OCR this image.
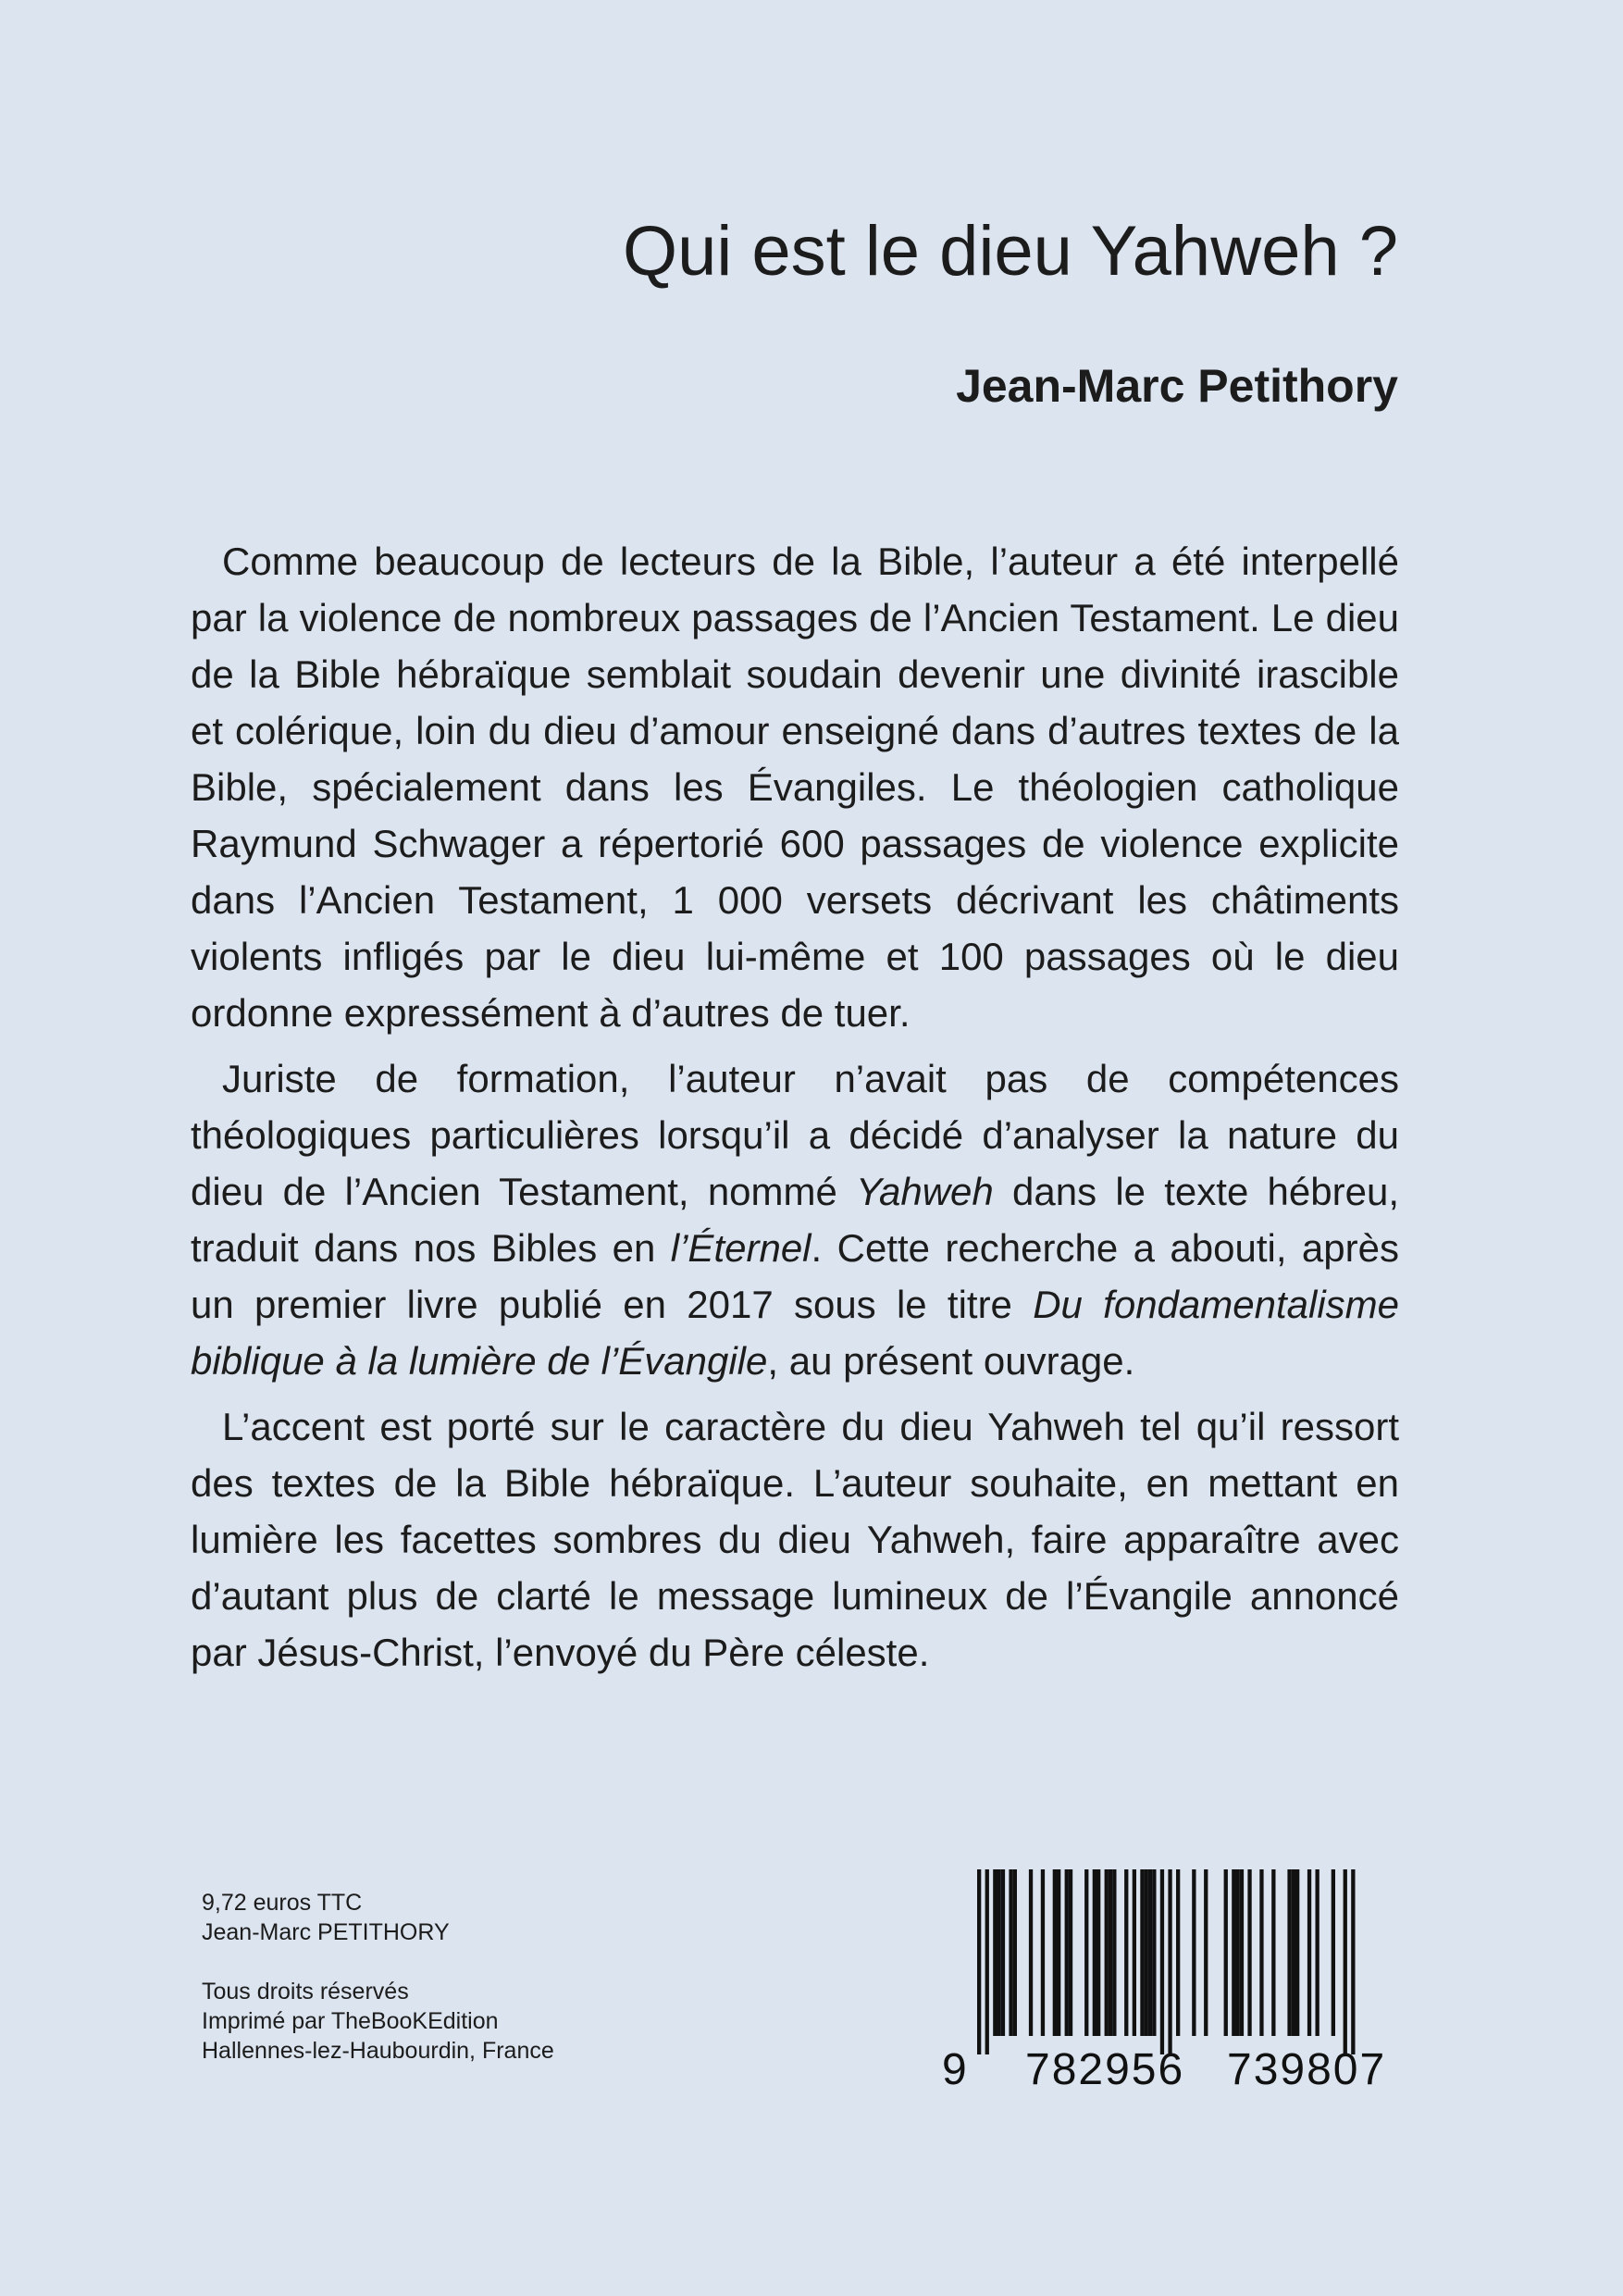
Qui est le dieu Yahweh ?
Jean-Marc Petithory

Comme beaucoup de lecteurs de la Bible, l’auteur a été interpellé par la violence de nombreux passages de l’Ancien Testament. Le dieu de la Bible hébraïque semblait soudain devenir une divinité irascible et colérique, loin du dieu d’amour enseigné dans d’autres textes de la Bible, spécialement dans les Évangiles. Le théologien catholique Raymund Schwager a répertorié 600 passages de violence explicite dans l’Ancien Testament, 1 000 versets décrivant les châtiments violents infligés par le dieu lui-même et 100 passages où le dieu ordonne expressément à d’autres de tuer.

Juriste de formation, l’auteur n’avait pas de compétences théologiques particulières lorsqu’il a décidé d’analyser la nature du dieu de l’Ancien Testament, nommé Yahweh dans le texte hébreu, traduit dans nos Bibles en l’Éternel. Cette recherche a abouti, après un premier livre publié en 2017 sous le titre Du fondamentalisme biblique à la lumière de l’Évangile, au présent ouvrage.

L’accent est porté sur le caractère du dieu Yahweh tel qu’il ressort des textes de la Bible hébraïque. L’auteur souhaite, en mettant en lumière les facettes sombres du dieu Yahweh, faire apparaître avec d’autant plus de clarté le message lumineux de l’Évangile annoncé par Jésus-Christ, l’envoyé du Père céleste.

9,72 euros TTC
Jean-Marc PETITHORY
Tous droits réservés
Imprimé par TheBooKEdition
Hallennes-lez-Haubourdin, France	9 782956 739807
